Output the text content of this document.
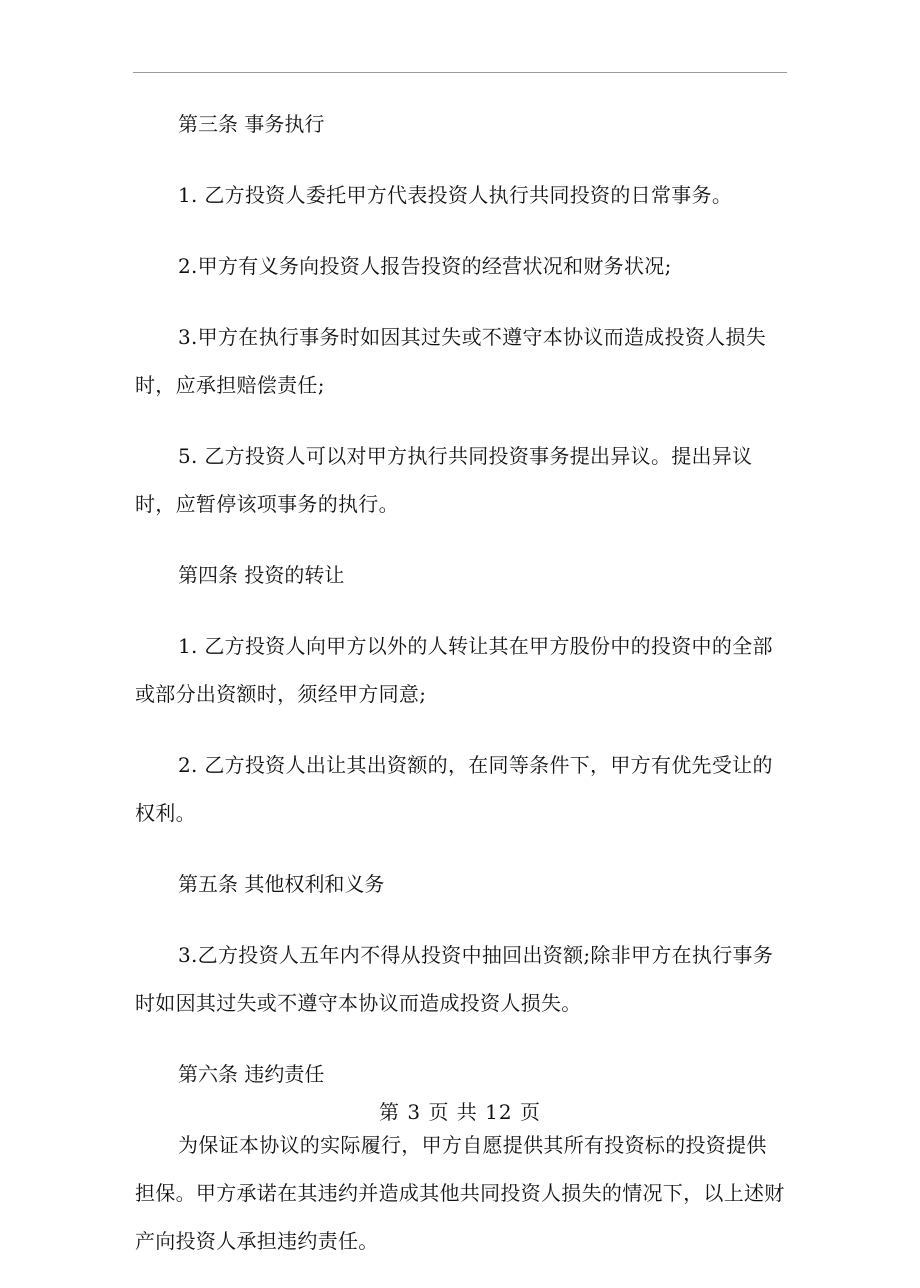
第三条 事务执行

1. 乙方投资人委托甲方代表投资人执行共同投资的日常事务。

2.甲方有义务向投资人报告投资的经营状况和财务状况;

3.甲方在执行事务时如因其过失或不遵守本协议而造成投资人损失时，应承担赔偿责任;

5. 乙方投资人可以对甲方执行共同投资事务提出异议。提出异议时，应暂停该项事务的执行。

第四条 投资的转让

1. 乙方投资人向甲方以外的人转让其在甲方股份中的投资中的全部或部分出资额时，须经甲方同意;

2. 乙方投资人出让其出资额的，在同等条件下，甲方有优先受让的权利。

第五条 其他权利和义务

3.乙方投资人五年内不得从投资中抽回出资额;除非甲方在执行事务时如因其过失或不遵守本协议而造成投资人损失。

第六条 违约责任

为保证本协议的实际履行，甲方自愿提供其所有投资标的投资提供担保。甲方承诺在其违约并造成其他共同投资人损失的情况下，以上述财产向投资人承担违约责任。

第 3 页 共 12 页
